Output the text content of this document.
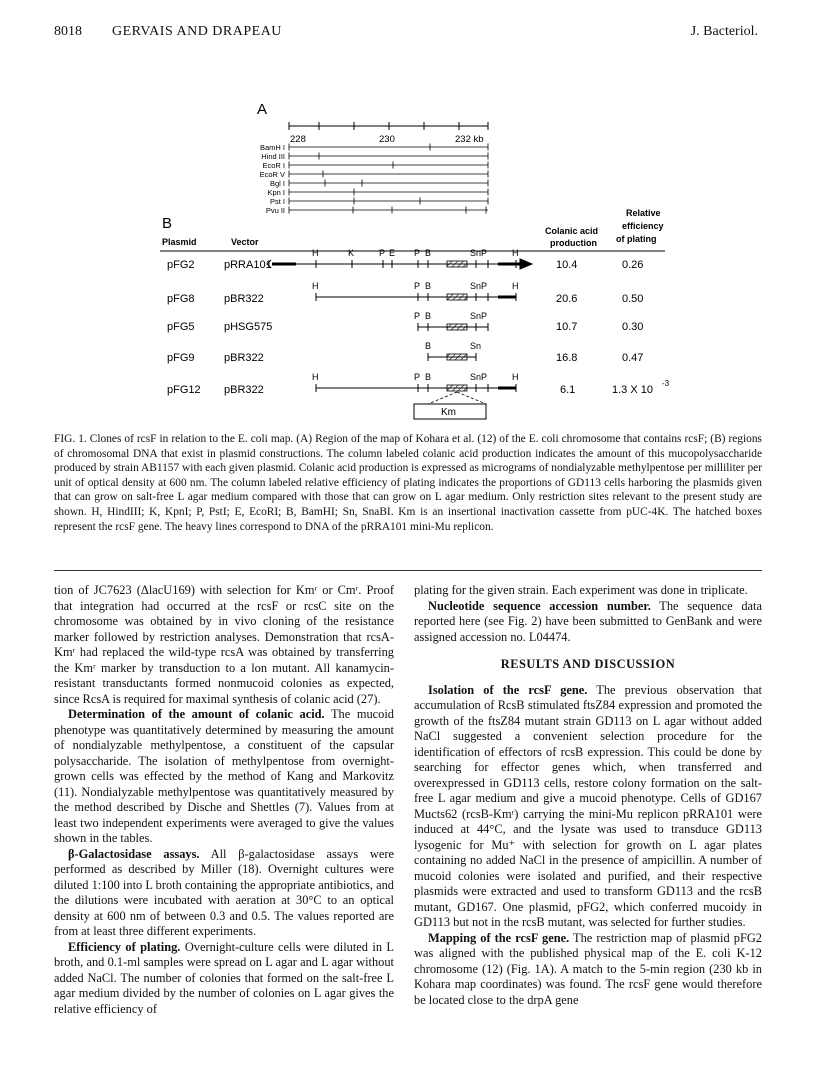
8018 GERVAIS AND DRAPEAU	J. Bacteriol.
A
228	230	232 kb
BamH I
Hind III
EcoR I
EcoR V
Bgl I
Kpn I
Pst I
Pvu II
B
Plasmid	Vector
Colanic acid
production
Relative
efficiency
of plating
pFG2	pRRA101	10.4	0.26
pFG8	pBR322	20.6	0.50
pFG5	pHSG575	10.7	0.30
pFG9	pBR322	16.8	0.47
pFG12 pBR322	6.1	1.3 X 10
-3
H	K	P E P B	SnP	H
H	P B	SnP	H
P B	SnP
B	Sn
H	P B	SnP	H
Km
FIG. 1. Clones of rcsF in relation to the E. coli map. (A) Region of the map of Kohara et al. (12) of the E. coli chromosome that contains rcsF; (B) regions of chromosomal DNA that exist in plasmid constructions. The column labeled colanic acid production indicates the amount of this mucopolysaccharide produced by strain AB1157 with each given plasmid. Colanic acid production is expressed as micrograms of nondialyzable methylpentose per milliliter per unit of optical density at 600 nm. The column labeled relative efficiency of plating indicates the proportions of GD113 cells harboring the plasmids given that can grow on salt-free L agar medium compared with those that can grow on L agar medium. Only restriction sites relevant to the present study are shown. H, HindIII; K, KpnI; P, PstI; E, EcoRI; B, BamHI; Sn, SnaBI. Km is an insertional inactivation cassette from pUC-4K. The hatched boxes represent the rcsF gene. The heavy lines correspond to DNA of the pRRA101 mini-Mu replicon.

tion of JC7623 (ΔlacU169) with selection for Kmʳ or Cmʳ. Proof that integration had occurred at the rcsF or rcsC site on the chromosome was obtained by in vivo cloning of the resistance marker followed by restriction analyses. Demonstration that rcsA-Kmʳ had replaced the wild-type rcsA was obtained by transferring the Kmʳ marker by transduction to a lon mutant. All kanamycin-resistant transductants formed nonmucoid colonies as expected, since RcsA is required for maximal synthesis of colanic acid (27).

Determination of the amount of colanic acid. The mucoid phenotype was quantitatively determined by measuring the amount of nondialyzable methylpentose, a constituent of the capsular polysaccharide. The isolation of methylpentose from overnight-grown cells was effected by the method of Kang and Markovitz (11). Nondialyzable methylpentose was quantitatively measured by the method described by Dische and Shettles (7). Values from at least two independent experiments were averaged to give the values shown in the tables.

β-Galactosidase assays. All β-galactosidase assays were performed as described by Miller (18). Overnight cultures were diluted 1:100 into L broth containing the appropriate antibiotics, and the dilutions were incubated with aeration at 30°C to an optical density at 600 nm of between 0.3 and 0.5. The values reported are from at least three different experiments.

Efficiency of plating. Overnight-culture cells were diluted in L broth, and 0.1-ml samples were spread on L agar and L agar without added NaCl. The number of colonies that formed on the salt-free L agar medium divided by the number of colonies on L agar gives the relative efficiency of

plating for the given strain. Each experiment was done in triplicate.

Nucleotide sequence accession number. The sequence data reported here (see Fig. 2) have been submitted to GenBank and were assigned accession no. L04474.

RESULTS AND DISCUSSION

Isolation of the rcsF gene. The previous observation that accumulation of RcsB stimulated ftsZ84 expression and promoted the growth of the ftsZ84 mutant strain GD113 on L agar without added NaCl suggested a convenient selection procedure for the identification of effectors of rcsB expression. This could be done by searching for effector genes which, when transferred and overexpressed in GD113 cells, restore colony formation on the salt-free L agar medium and give a mucoid phenotype. Cells of GD167 Mucts62 (rcsB-Kmʳ) carrying the mini-Mu replicon pRRA101 were induced at 44°C, and the lysate was used to transduce GD113 lysogenic for Mu⁺ with selection for growth on L agar plates containing no added NaCl in the presence of ampicillin. A number of mucoid colonies were isolated and purified, and their respective plasmids were extracted and used to transform GD113 and the rcsB mutant, GD167. One plasmid, pFG2, which conferred mucoidy in GD113 but not in the rcsB mutant, was selected for further studies.

Mapping of the rcsF gene. The restriction map of plasmid pFG2 was aligned with the published physical map of the E. coli K-12 chromosome (12) (Fig. 1A). A match to the 5-min region (230 kb in Kohara map coordinates) was found. The rcsF gene would therefore be located close to the drpA gene
